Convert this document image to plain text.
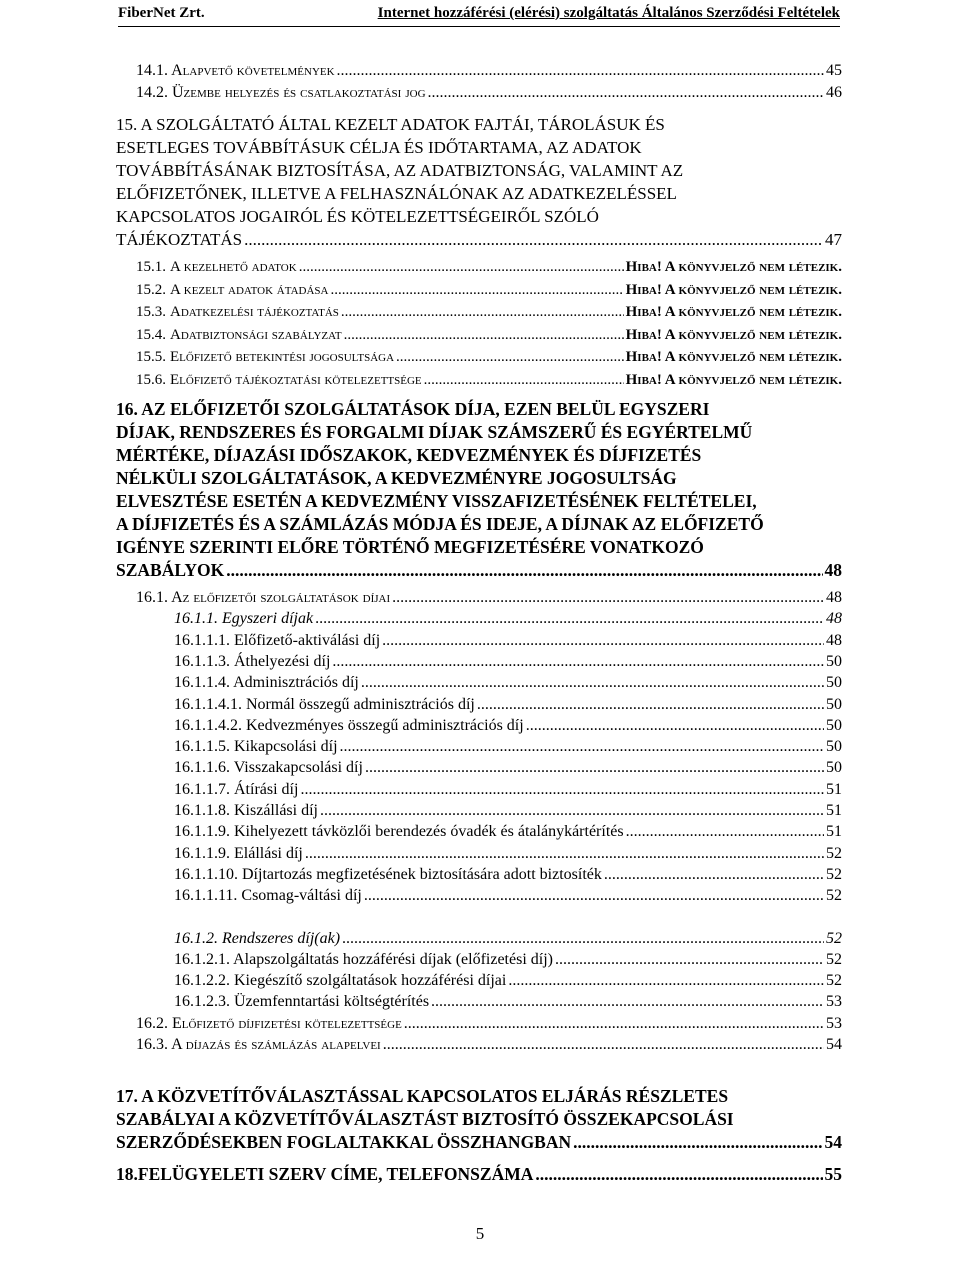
FiberNet Zrt.	Internet hozzáférési (elérési) szolgáltatás Általános Szerződési Feltételek
14.1. Alapvető követelmények .....	45
14.2. Üzembe helyezés és csatlakoztatási jog .....	46
15. A SZOLGÁLTATÓ ÁLTAL KEZELT ADATOK FAJTÁI, TÁROLÁSUK ÉS
ESETLEGES TOVÁBBÍTÁSUK CÉLJA ÉS IDŐTARTAMA, AZ ADATOK
TOVÁBBÍTÁSÁNAK BIZTOSÍTÁSA, AZ ADATBIZTONSÁG, VALAMINT AZ
ELŐFIZETŐNEK, ILLETVE A FELHASZNÁLÓNAK AZ ADATKEZELÉSSEL
KAPCSOLATOS JOGAIRÓL ÉS KÖTELEZETTSÉGEIRŐL SZÓLÓ
TÁJÉKOZTATÁS .....	47
15.1. A kezelhető adatok .....	Hiba! A könyvjelző nem létezik.
15.2. A kezelt adatok átadása .....	Hiba! A könyvjelző nem létezik.
15.3. Adatkezelési tájékoztatás .....	Hiba! A könyvjelző nem létezik.
15.4. Adatbiztonsági szabályzat .....	Hiba! A könyvjelző nem létezik.
15.5. Előfizető betekintési jogosultsága .....	Hiba! A könyvjelző nem létezik.
15.6. Előfizető tájékoztatási kötelezettsége .....	Hiba! A könyvjelző nem létezik.
16. AZ ELŐFIZETŐI SZOLGÁLTATÁSOK DÍJA, EZEN BELÜL EGYSZERI
DÍJAK, RENDSZERES ÉS FORGALMI DÍJAK SZÁMSZERŰ ÉS EGYÉRTELMŰ
MÉRTÉKE, DÍJAZÁSI IDŐSZAKOK, KEDVEZMÉNYEK ÉS DÍJFIZETÉS
NÉLKÜLI SZOLGÁLTATÁSOK, A KEDVEZMÉNYRE JOGOSULTSÁG
ELVESZTÉSE ESETÉN A KEDVEZMÉNY VISSZAFIZETÉSÉNEK FELTÉTELEI,
A DÍJFIZETÉS ÉS A SZÁMLÁZÁS MÓDJA ÉS IDEJE, A DÍJNAK AZ ELŐFIZETŐ
IGÉNYE SZERINTI ELŐRE TÖRTÉNŐ MEGFIZETÉSÉRE VONATKOZÓ
SZABÁLYOK .....	48
16.1. Az előfizetői szolgáltatások díjai .....	48
16.1.1. Egyszeri díjak .....	48
16.1.1.1. Előfizető-aktiválási díj .....	48
16.1.1.3. Áthelyezési díj .....	50
16.1.1.4. Adminisztrációs díj .....	50
16.1.1.4.1. Normál összegű adminisztrációs díj .....	50
16.1.1.4.2. Kedvezményes összegű adminisztrációs díj .....	50
16.1.1.5. Kikapcsolási díj .....	50
16.1.1.6. Visszakapcsolási díj .....	50
16.1.1.7. Átírási díj .....	51
16.1.1.8. Kiszállási díj .....	51
16.1.1.9. Kihelyezett távközlői berendezés óvadék és átalánykártérítés .....	51
16.1.1.9. Elállási díj .....	52
16.1.1.10. Díjtartozás megfizetésének biztosítására adott biztosíték .....	52
16.1.1.11. Csomag-váltási díj .....	52
16.1.2. Rendszeres díj(ak) .....	52
16.1.2.1. Alapszolgáltatás hozzáférési díjak (előfizetési díj) .....	52
16.1.2.2. Kiegészítő szolgáltatások hozzáférési díjai .....	52
16.1.2.3. Üzemfenntartási költségtérítés .....	53
16.2. Előfizető díjfizetési kötelezettsége .....	53
16.3. A díjazás és számlázás alapelvei .....	54
17. A KÖZVETÍTŐVÁLASZTÁSSAL KAPCSOLATOS ELJÁRÁS RÉSZLETES
SZABÁLYAI A KÖZVETÍTŐVÁLASZTÁST BIZTOSÍTÓ ÖSSZEKAPCSOLÁSI
SZERZŐDÉSEKBEN FOGLALTAKKAL ÖSSZHANGBAN .....	54
18. FELÜGYELETI SZERV CÍME, TELEFONSZÁMA .....	55
5
